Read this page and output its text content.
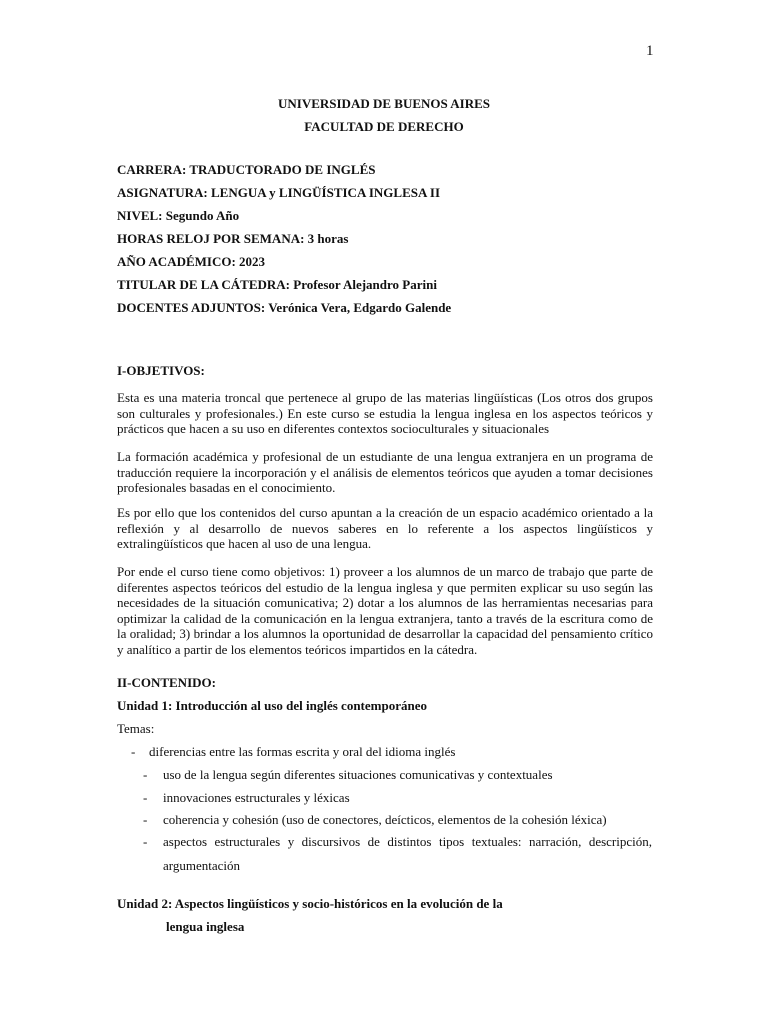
1
UNIVERSIDAD DE BUENOS AIRES
FACULTAD DE DERECHO
CARRERA: TRADUCTORADO DE INGLÉS
ASIGNATURA: LENGUA y LINGÜÍSTICA INGLESA II
NIVEL: Segundo Año
HORAS RELOJ POR SEMANA: 3 horas
AÑO ACADÉMICO: 2023
TITULAR DE LA CÁTEDRA: Profesor Alejandro Parini
DOCENTES ADJUNTOS: Verónica Vera, Edgardo Galende
I-OBJETIVOS:
Esta es una materia troncal que pertenece al grupo de las materias lingüísticas (Los otros dos grupos son culturales y profesionales.) En este curso se estudia la lengua inglesa en los aspectos teóricos y prácticos que hacen a su uso en diferentes contextos socioculturales y situacionales
La formación académica y profesional de un estudiante de una lengua extranjera en un programa de traducción requiere la incorporación y el análisis de elementos teóricos que ayuden a tomar decisiones profesionales basadas en el conocimiento.
Es por ello que los contenidos del curso apuntan a la creación de un espacio académico orientado a la reflexión y al desarrollo de nuevos saberes en lo referente a los aspectos lingüísticos y extralingüísticos que hacen al uso de una lengua.
Por ende el curso tiene como objetivos: 1) proveer a los alumnos de un marco de trabajo que parte de diferentes aspectos teóricos del estudio de la lengua inglesa y que permiten explicar su uso según las necesidades de la situación comunicativa; 2) dotar a los alumnos de las herramientas necesarias para optimizar la calidad de la comunicación en la lengua extranjera, tanto a través de la escritura como de la oralidad; 3) brindar a los alumnos la oportunidad de desarrollar la capacidad del pensamiento crítico y analítico a partir de los elementos teóricos impartidos en la cátedra.
II-CONTENIDO:
Unidad 1: Introducción al uso del inglés contemporáneo
Temas:
- diferencias entre las formas escrita y oral del idioma inglés
- uso de la lengua según diferentes situaciones comunicativas y contextuales
- innovaciones estructurales y léxicas
- coherencia y cohesión (uso de conectores, deícticos, elementos de la cohesión léxica)
- aspectos estructurales y discursivos de distintos tipos textuales: narración, descripción, argumentación
Unidad 2: Aspectos lingüísticos y socio-históricos en la evolución de la
lengua inglesa
